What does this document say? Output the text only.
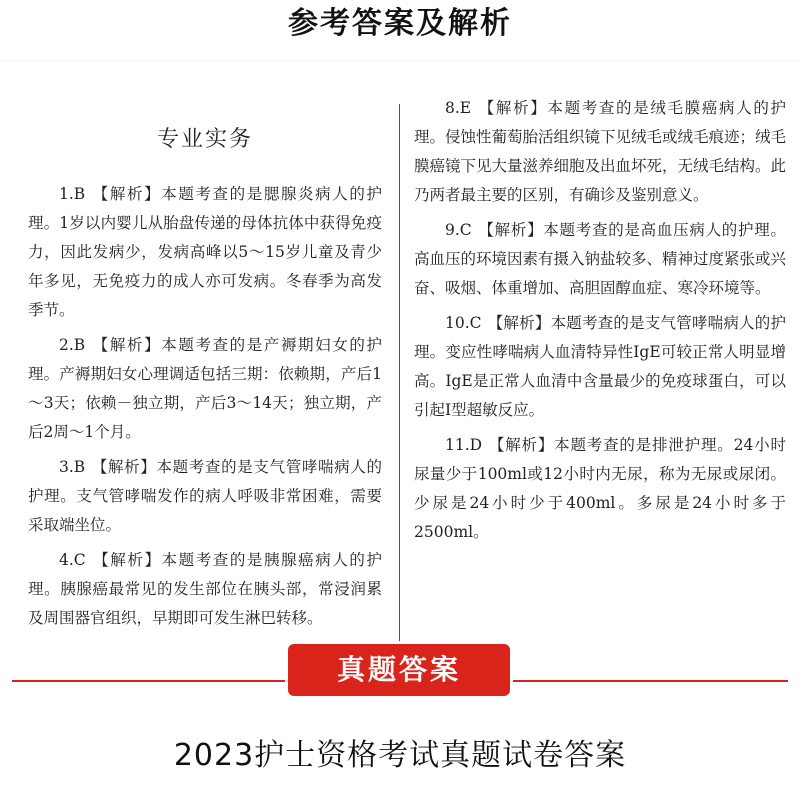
参考答案及解析
专业实务

1.B 【解析】本题考查的是腮腺炎病人的护理。1岁以内婴儿从胎盘传递的母体抗体中获得免疫力，因此发病少，发病高峰以5～15岁儿童及青少年多见，无免疫力的成人亦可发病。冬春季为高发季节。

2.B 【解析】本题考查的是产褥期妇女的护理。产褥期妇女心理调适包括三期：依赖期，产后1～3天；依赖－独立期，产后3～14天；独立期，产后2周～1个月。

3.B 【解析】本题考查的是支气管哮喘病人的护理。支气管哮喘发作的病人呼吸非常困难，需要采取端坐位。

4.C 【解析】本题考查的是胰腺癌病人的护理。胰腺癌最常见的发生部位在胰头部，常浸润累及周围器官组织，早期即可发生淋巴转移。

8.E 【解析】本题考查的是绒毛膜癌病人的护理。侵蚀性葡萄胎活组织镜下见绒毛或绒毛痕迹；绒毛膜癌镜下见大量滋养细胞及出血坏死，无绒毛结构。此乃两者最主要的区别，有确诊及鉴别意义。

9.C 【解析】本题考查的是高血压病人的护理。高血压的环境因素有摄入钠盐较多、精神过度紧张或兴奋、吸烟、体重增加、高胆固醇血症、寒冷环境等。

10.C 【解析】本题考查的是支气管哮喘病人的护理。变应性哮喘病人血清特异性IgE可较正常人明显增高。IgE是正常人血清中含量最少的免疫球蛋白，可以引起Ⅰ型超敏反应。

11.D 【解析】本题考查的是排泄护理。24小时尿量少于100ml或12小时内无尿，称为无尿或尿闭。少尿是24小时少于400ml。多尿是24小时多于2500ml。

真题答案
2023护士资格考试真题试卷答案
